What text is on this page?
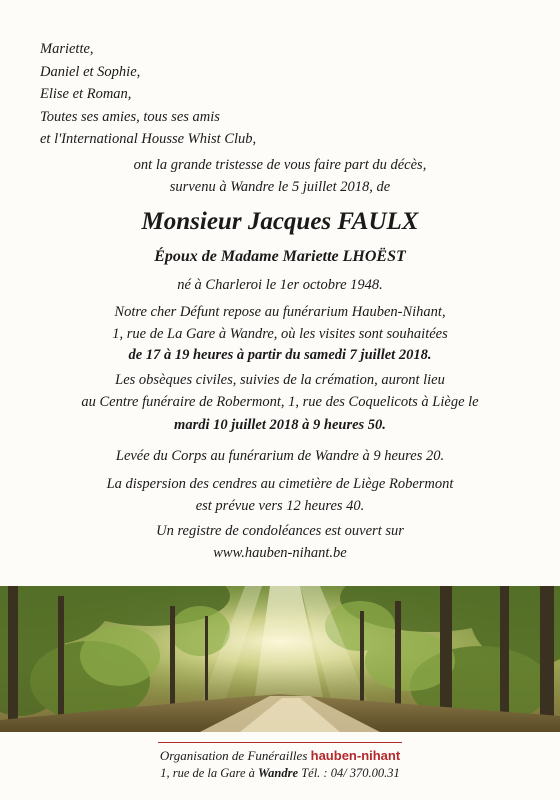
Mariette,
Daniel et Sophie,
Elise et Roman,
Toutes ses amies, tous ses amis
et l'International Housse Whist Club,
ont la grande tristesse de vous faire part du décès,
survenu à Wandre le 5 juillet 2018, de
Monsieur Jacques FAULX
Époux de Madame Mariette LHOËST
né à Charleroi le 1er octobre 1948.
Notre cher Défunt repose au funérarium Hauben-Nihant,
1, rue de La Gare à Wandre, où les visites sont souhaitées
de 17 à 19 heures à partir du samedi 7 juillet 2018.
Les obsèques civiles, suivies de la crémation, auront lieu
au Centre funéraire de Robermont, 1, rue des Coquelicots à Liège le
mardi 10 juillet 2018 à 9 heures 50.
Levée du Corps au funérarium de Wandre à 9 heures 20.
La dispersion des cendres au cimetière de Liège Robermont
est prévue vers 12 heures 40.
Un registre de condoléances est ouvert sur
www.hauben-nihant.be
Organisation de Funérailles hauben-nihant
1, rue de la Gare à Wandre Tél. : 04/ 370.00.31
